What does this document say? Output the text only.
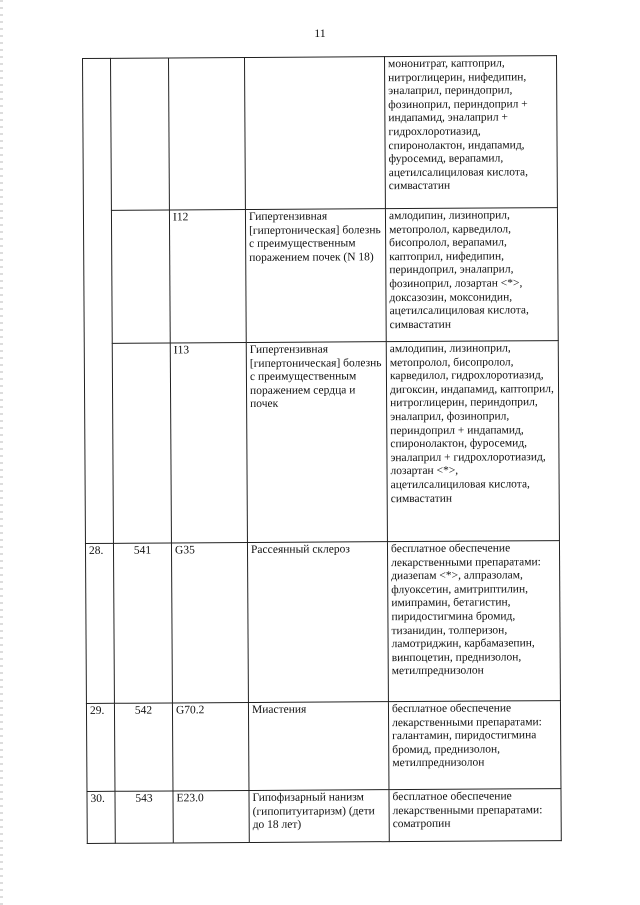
11
				мононитрат, каптоприл, нитроглицерин, нифедипин, эналаприл, периндоприл, фозиноприл, периндоприл + индапамид, эналаприл + гидрохлоротиазид, спиронолактон, индапамид, фуросемид, верапамил, ацетилсалициловая кислота, симвастатин
		I12	Гипертензивная [гипертоническая] болезнь с преимущественным поражением почек (N 18)	амлодипин, лизиноприл, метопролол, карведилол, бисопролол, верапамил, каптоприл, нифедипин, периндоприл, эналаприл, фозиноприл, лозартан <*>, доксазозин, моксонидин, ацетилсалициловая кислота, симвастатин
		I13	Гипертензивная [гипертоническая] болезнь с преимущественным поражением сердца и почек	амлодипин, лизиноприл, метопролол, бисопролол, карведилол, гидрохлоротиазид, дигоксин, индапамид, каптоприл, нитроглицерин, периндоприл, эналаприл, фозиноприл, периндоприл + индапамид, спиронолактон, фуросемид, эналаприл + гидрохлоротиазид, лозартан <*>, ацетилсалициловая кислота, симвастатин
28.	541	G35	Рассеянный склероз	бесплатное обеспечение лекарственными препаратами: диазепам <*>, алпразолам, флуоксетин, амитриптилин, имипрамин, бетагистин, пиридостигмина бромид, тизанидин, толперизон, ламотриджин, карбамазепин, винпоцетин, преднизолон, метилпреднизолон
29.	542	G70.2	Миастения	бесплатное обеспечение лекарственными препаратами: галантамин, пиридостигмина бромид, преднизолон, метилпреднизолон
30.	543	E23.0	Гипофизарный нанизм (гипопитуитаризм) (дети до 18 лет)	бесплатное обеспечение лекарственными препаратами: соматропин
